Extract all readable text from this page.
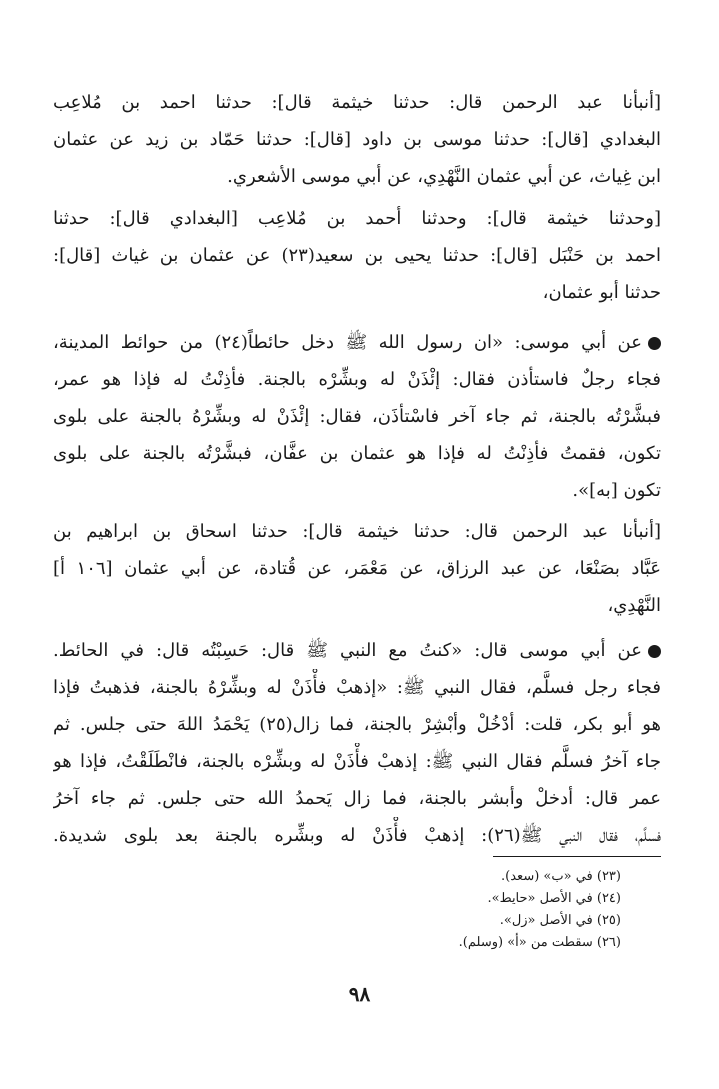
[أنبأنا عبد الرحمن قال: حدثنا خيثمة قال]: حدثنا احمد بن مُلاعِب
البغدادي [قال]: حدثنا موسى بن داود [قال]: حدثنا حَمّاد بن زيد عن عثمان
ابن غِياث، عن أبي عثمان النَّهْدِي، عن أبي موسى الأشعري.

[وحدثنا خيثمة قال]: وحدثنا أحمد بن مُلاعِب [البغدادي قال]: حدثنا
احمد بن حَنْبَل [قال]: حدثنا يحيى بن سعيد(٢٣) عن عثمان بن غياث [قال]:
حدثنا أبو عثمان،

عن أبي موسى: «ان رسول الله ﷺ دخل حائطاً(٢٤) من حوائط المدينة،
فجاء رجلٌ فاستأذن فقال: إئْذَنْ له وبشِّرْه بالجنة. فأذِنْتُ له فإذا هو عمر،
فبشَّرْتُه بالجنة، ثم جاء آخر فاسْتأذَن، فقال: إئْذَنْ له وبشِّرْهُ بالجنة على بلوى
تكون، فقمتُ فأذِنْتُ له فإذا هو عثمان بن عفَّان، فبشَّرْتُه بالجنة على بلوى
تكون [به]».

[أنبأنا عبد الرحمن قال: حدثنا خيثمة قال]: حدثنا اسحاق بن ابراهيم بن
عَبَّاد بصَنْعَا، عن عبد الرزاق، عن مَعْمَر، عن قُتادة، عن أبي عثمان [١٠٦ أ]
النَّهْدِي،

عن أبي موسى قال: «كنتُ مع النبي ﷺ قال: حَسِبْتُه قال: في الحائط.
فجاء رجل فسلَّم، فقال النبي ﷺ: «إذهبْ فأْذَنْ له وبشِّرْهُ بالجنة، فذهبتُ فإذا
هو أبو بكر، قلت: أدْخُلْ وأبْشِرْ بالجنة، فما زال(٢٥) يَحْمَدُ اللهَ حتى جلس. ثم
جاء آخرُ فسلَّم فقال النبي ﷺ: إذهبْ فأْذَنْ له وبشِّرْه بالجنة، فانْطَلَقْتُ، فإذا هو
عمر قال: أدخلْ وأبشر بالجنة، فما زال يَحمدُ الله حتى جلس. ثم جاء آخرُ
فسلَّم، فقال النبي ﷺ(٢٦): إذهبْ فأْذَنْ له وبشِّره بالجنة بعد بلوى شديدة.

(٢٣) في «ب» (سعد).
(٢٤) في الأصل «حايط».
(٢٥) في الأصل «زل».
(٢٦) سقطت من «أ» (وسلم).
٩٨
